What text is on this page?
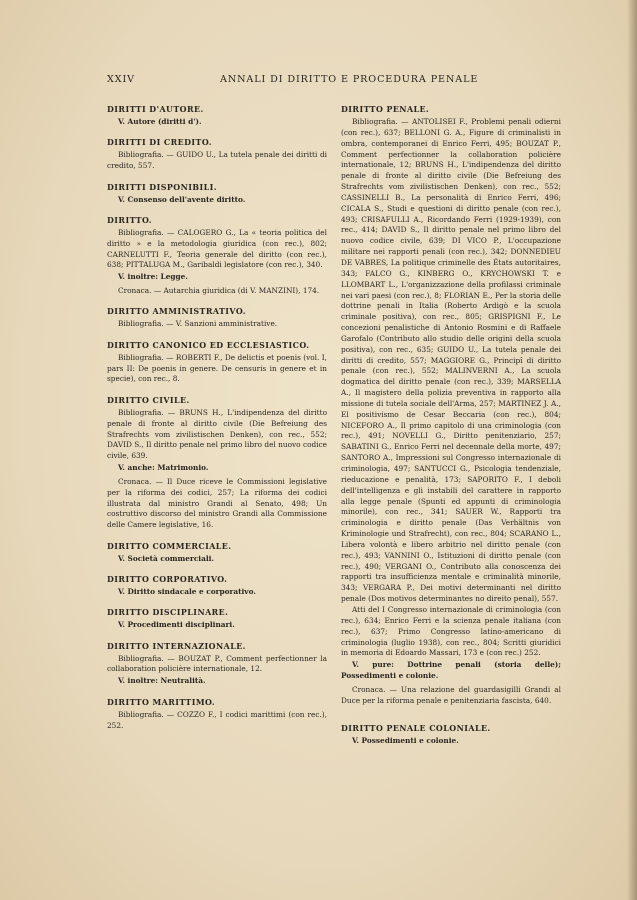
XXIV	ANNALI DI DIRITTO E PROCEDURA PENALE
DIRITTI D'AUTORE.

V. Autore (diritti d').

DIRITTI DI CREDITO.

Bibliografia. — GUIDO U., La tutela penale dei diritti di credito, 557.

DIRITTI DISPONIBILI.

V. Consenso dell'avente diritto.

DIRITTO.

Bibliografia. — CALOGERO G., La « teoria politica del diritto » e la metodologia giuridica (con rec.), 802; CARNELUTTI F., Teoria generale del diritto (con rec.), 638; PITTALUGA M., Garibaldi legislatore (con rec.), 340.

V. inoltre: Legge.

Cronaca. — Autarchia giuridica (di V. MANZINI), 174.

DIRITTO AMMINISTRATIVO.

Bibliografia. — V. Sanzioni amministrative.

DIRITTO CANONICO ED ECCLESIASTICO.

Bibliografia. — ROBERTI F., De delictis et poenis (vol. I, pars II: De poenis in genere. De censuris in genere et in specie), con rec., 8.

DIRITTO CIVILE.

Bibliografia. — BRUNS H., L'indipendenza del diritto penale di fronte al diritto civile (Die Befreiung des Strafrechts vom zivilistischen Denken), con rec., 552; DAVID S., Il diritto penale nel primo libro del nuovo codice civile, 639.

V. anche: Matrimonio.

Cronaca. — Il Duce riceve le Commissioni legislative per la riforma dei codici, 257; La riforma dei codici illustrata dal ministro Grandi al Senato, 498; Un costruttivo discorso del ministro Grandi alla Commissione delle Camere legislative, 16.

DIRITTO COMMERCIALE.

V. Società commerciali.

DIRITTO CORPORATIVO.

V. Diritto sindacale e corporativo.

DIRITTO DISCIPLINARE.

V. Procedimenti disciplinari.

DIRITTO INTERNAZIONALE.

Bibliografia. — BOUZAT P., Comment perfectionner la collaboration policière internationale, 12.

V. inoltre: Neutralità.

DIRITTO MARITTIMO.

Bibliografia. — COZZO F., I codici marittimi (con rec.), 252.

DIRITTO PENALE.

Bibliografia. — ANTOLISEI F., Problemi penali odierni (con rec.), 637; BELLONI G. A., Figure di criminalisti in ombra, contemporanei di Enrico Ferri, 495; BOUZAT P., Comment perfectionner la collaboration policière internationale, 12; BRUNS H., L'indipendenza del diritto penale di fronte al diritto civile (Die Befreiung des Strafrechts vom zivilistischen Denken), con rec., 552; CASSINELLI B., La personalità di Enrico Ferri, 496; CICALA S., Studi e questioni di diritto penale (con rec.), 493; CRISAFULLI A., Ricordando Ferri (1929-1939), con rec., 414; DAVID S., Il diritto penale nel primo libro del nuovo codice civile, 639; DI VICO P., L'occupazione militare nei rapporti penali (con rec.), 342; DONNEDIEU DE VABRES, La politique criminelle des États autoritaires, 343; FALCO G., KINBERG O., KRYCHOWSKI T. e LLOMBART L., L'organizzazione della profilassi criminale nei vari paesi (con rec.), 8; FLORIAN E., Per la storia delle dottrine penali in Italia (Roberto Ardigò e la scuola criminale positiva), con rec., 805; GRISPIGNI F., Le concezioni penalistiche di Antonio Rosmini e di Raffaele Garofalo (Contributo allo studio delle origini della scuola positiva), con rec., 635; GUIDO U., La tutela penale dei diritti di credito, 557; MAGGIORE G., Principî di diritto penale (con rec.), 552; MALINVERNI A., La scuola dogmatica del diritto penale (con rec.), 339; MARSELLA A., Il magistero della polizia preventiva in rapporto alla missione di tutela sociale dell'Arma, 257; MARTINEZ J. A., El positivismo de Cesar Beccaria (con rec.), 804; NICEFORO A., Il primo capitolo di una criminologia (con rec.), 491; NOVELLI G., Diritto penitenziario, 257; SABATINI G., Enrico Ferri nel decennale della morte, 497; SANTORO A., Impressioni sul Congresso internazionale di criminologia, 497; SANTUCCI G., Psicologia tendenziale, rieducazione e penalità, 173; SAPORITO F., I deboli dell'intelligenza e gli instabili del carattere in rapporto alla legge penale (Spunti ed appunti di criminologia minorile), con rec., 341; SAUER W., Rapporti tra criminologia e diritto penale (Das Verhältnis von Kriminologie und Strafrecht), con rec., 804; SCARANO L., Libera volontà e libero arbitrio nel diritto penale (con rec.), 493; VANNINI O., Istituzioni di diritto penale (con rec.), 490; VERGANI O., Contributo alla conoscenza dei rapporti tra insufficienza mentale e criminalità minorile, 343; VERGARA P., Dei motivi determinanti nel diritto penale (Dos motivos determinantes no direito penal), 557.

Atti del I Congresso internazionale di criminologia (con rec.), 634; Enrico Ferri e la scienza penale italiana (con rec.), 637; Primo Congresso latino-americano di criminologia (luglio 1938), con rec., 804; Scritti giuridici in memoria di Edoardo Massari, 173 e (con rec.) 252.

V. pure: Dottrine penali (storia delle); Possedimenti e colonie.

Cronaca. — Una relazione del guardasigilli Grandi al Duce per la riforma penale e penitenziaria fascista, 640.

DIRITTO PENALE COLONIALE.

V. Possedimenti e colonie.
